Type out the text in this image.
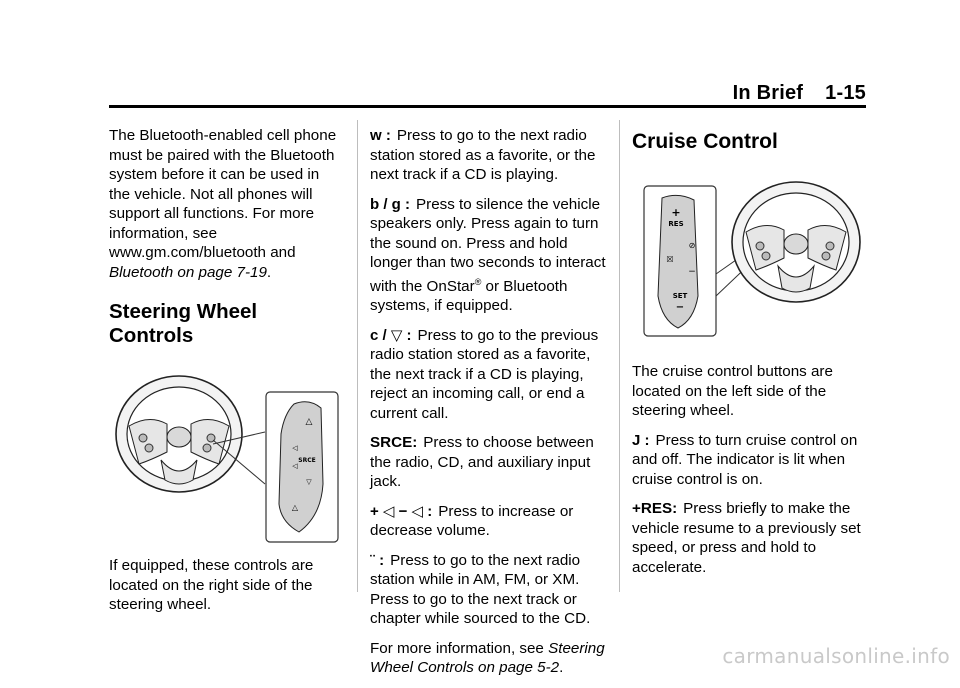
In Brief 1-15

The Bluetooth-enabled cell phone must be paired with the Bluetooth system before it can be used in the vehicle. Not all phones will support all functions. For more information, see www.gm.com/bluetooth and Bluetooth on page 7-19.

Steering Wheel Controls
△
◁
SRCE
◁
▽
△

If equipped, these controls are located on the right side of the steering wheel.

w : Press to go to the next radio station stored as a favorite, or the next track if a CD is playing.

b / g : Press to silence the vehicle speakers only. Press again to turn the sound on. Press and hold longer than two seconds to interact with the OnStar® or Bluetooth systems, if equipped.

c / ▽ : Press to go to the previous radio station stored as a favorite, the next track if a CD is playing, reject an incoming call, or end a current call.

SRCE: Press to choose between the radio, CD, and auxiliary input jack.

+ ◁ − ◁ : Press to increase or decrease volume.

¨ : Press to go to the next radio station while in AM, FM, or XM. Press to go to the next track or chapter while sourced to the CD.

For more information, see Steering Wheel Controls on page 5-2.

Cruise Control
+
RES
⊘
☒
−
SET
−

The cruise control buttons are located on the left side of the steering wheel.

J : Press to turn cruise control on and off. The indicator is lit when cruise control is on.

+RES: Press briefly to make the vehicle resume to a previously set speed, or press and hold to accelerate.

carmanualsonline.info
